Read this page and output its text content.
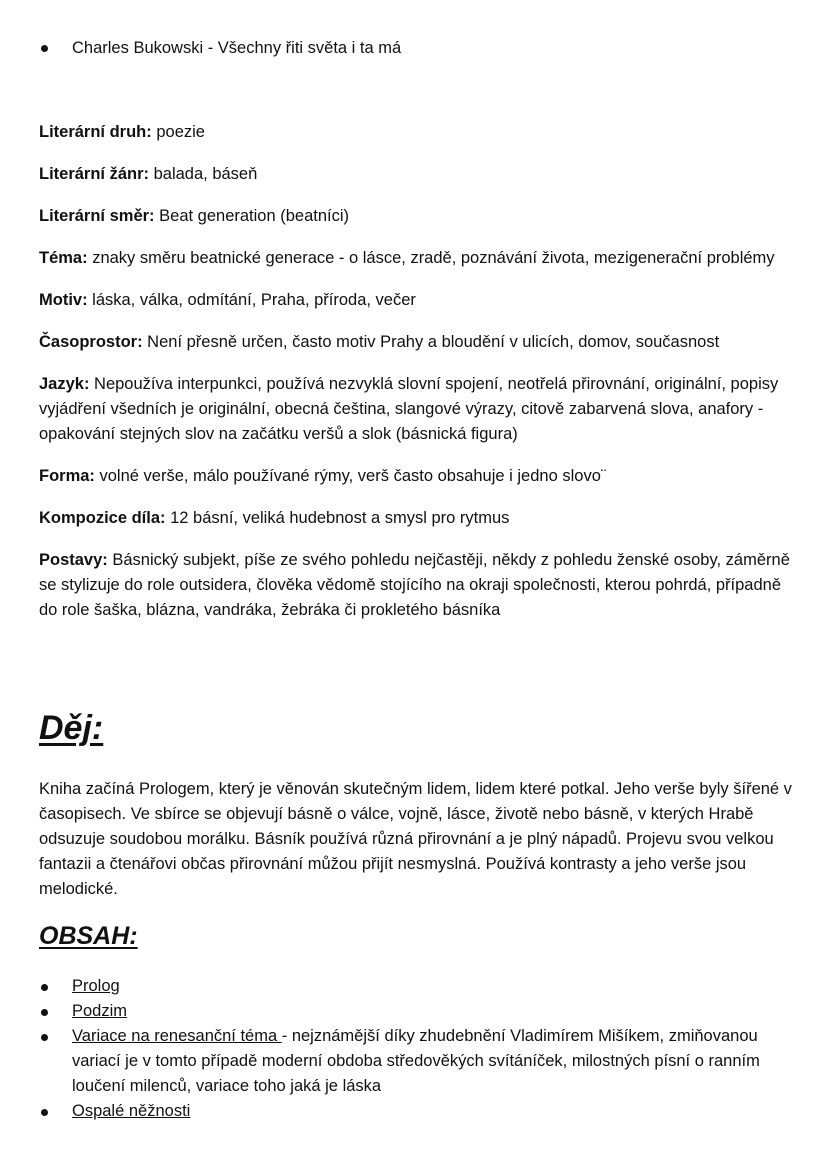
Charles Bukowski - Všechny řiti světa i ta má

Literární druh: poezie

Literární žánr: balada, báseň

Literární směr: Beat generation (beatníci)

Téma: znaky směru beatnické generace - o lásce, zradě, poznávání života, mezigenerační problémy

Motiv: láska, válka, odmítání, Praha, příroda, večer

Časoprostor: Není přesně určen, často motiv Prahy a bloudění v ulicích, domov, současnost

Jazyk: Nepoužíva interpunkci, používá nezvyklá slovní spojení, neotřelá přirovnání, originální, popisy vyjádření všedních je originální, obecná čeština, slangové výrazy, citově zabarvená slova, anafory - opakování stejných slov na začátku veršů a slok (básnická figura)

Forma: volné verše, málo používané rýmy, verš často obsahuje i jedno slovo¨

Kompozice díla: 12 básní, veliká hudebnost a smysl pro rytmus

Postavy: Básnický subjekt, píše ze svého pohledu nejčastěji, někdy z pohledu ženské osoby, záměrně se stylizuje do role outsidera, člověka vědomě stojícího na okraji společnosti, kterou pohrdá, případně do role šaška, blázna, vandráka, žebráka či prokletého básníka

Děj:

Kniha začíná Prologem, který je věnován skutečným lidem, lidem které potkal. Jeho verše byly šířené v časopisech. Ve sbírce se objevují básně o válce, vojně, lásce, životě nebo básně, v kterých Hrabě odsuzuje soudobou morálku. Básník používá různá přirovnání a je plný nápadů. Projevu svou velkou fantazii a čtenářovi občas přirovnání můžou přijít nesmyslná. Používá kontrasty a jeho verše jsou melodické.

OBSAH:
Prolog
Podzim
Variace na renesanční téma - nejznámější díky zhudebnění Vladimírem Mišíkem, zmiňovanou variací je v tomto případě moderní obdoba středověkých svítáníček, milostných písní o ranním loučení milenců, variace toho jaká je láska
Ospalé něžnosti
